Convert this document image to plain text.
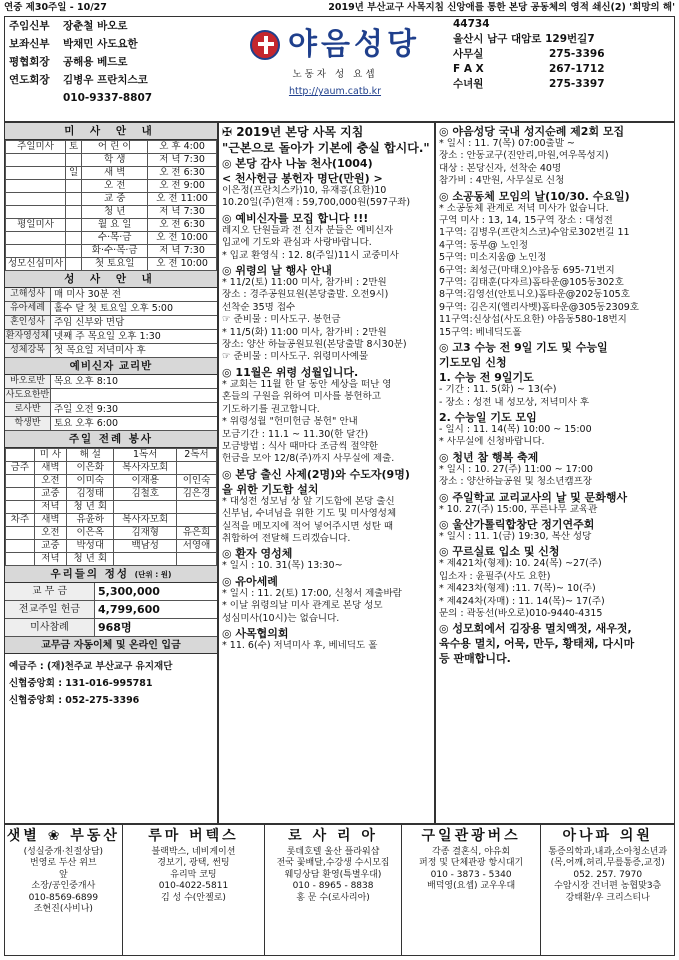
연중 제30주일 - 10/27	2019년 부산교구 사목지침 신앙애를 통한 본당 공동체의 영적 쇄신(2) '희망의 해'
주임신부	장춘철 바오로
보좌신부	박채민 사도요한
평협회장	공해용 베드로
연도회장	김병우 프란치스코
010-9337-8807
야음성당
노동자 성 요셉
http://yaum.catb.kr
44734
울산시 남구 대암로 129번길7
사무실	275-3396
F A X	267-1712
수녀원	275-3397
미 사 안 내
주일미사	토	어 린 이	오 후 4:00
		학 생	저 녁 7:30
	일	새 벽	오 전 6:30
		오 전	오 전 9:00
		교 중	오 전 11:00
		청 년	저 녁 7:30
평일미사		월 요 일	오 전 6:30
		수·목·금	오 전 10:00
		화·수·목·금	저 녁 7:30
성모신심미사		첫 토요일	오 전 10:00
성 사 안 내
고해성사 매 미사 30분 전
유아세례 홀수 달 첫 토요일 오후 5:00
혼인성사 주임 신부와 면담
환자영성체 넷째 주 목요일 오후 1:30
성체강복 첫 목요일 저녁미사 후
예비신자 교리반
바오로반 목요 오후 8:10
사도요한반
로사반	주일 오전 9:30
학생반	토요 오후 6:00
주일 전례 봉사
	미 사	해 설	1독서	2독서
금주	새벽	이은화	복사자모회	
	오전	이미숙	이재용	이인숙
	교중	김정태	김철호	김은경
	저녁	청 년 회		
차주	새벽	유윤하	복사자모회	
	오전	이은옥	김재형	유은희
	교중	박성대	백남성	서영애
	저녁	청 년 회		
우리들의 정성 (단위 : 원)
교 무 금	5,300,000
전교주일 헌금	4,799,600
미사참례	968명
교무금 자동이체 및 온라인 입금
예금주 : (재)천주교 부산교구 유지재단
신협중앙회 : 131-016-995781
신협중앙회 : 052-275-3396
✠ 2019년 본당 사목 지침
"근본으로 돌아가 기본에 충실 합시다."
◎ 본당 감사 나눔 천사(1004)
< 천사헌금 봉헌자 명단(만원) >
이은정(프란치스카)10, 유재흥(요한)10
10.20일(주)현재 : 59,700,000원(597구좌)
◎ 예비신자를 모집 합니다 !!!
레지오 단원들과 전 신자 분들은 예비신자
입교에 기도와 관심과 사랑바랍니다.
* 입교 환영식 : 12. 8(주일)11시 교중미사
◎ 위령의 날 행사 안내
* 11/2(토) 11:00 미사, 참가비 : 2만원
장소 : 경주공원묘원(본당출발. 오전9시)
선착순 35명 접수
☞ 준비물 : 미사도구. 봉헌금
* 11/5(화) 11:00 미사, 참가비 : 2만원
장소: 양산 하늘공원묘원(본당출발 8시30분)
☞ 준비물 : 미사도구. 위령미사예물
◎ 11월은 위령 성월입니다.
* 교회는 11월 한 달 동안 세상을 떠난 영
혼들의 구원을 위하여 미사를 봉헌하고
기도하기를 권고합니다.
* 위령성월 "헌미헌금 봉헌" 안내
모금기간 : 11.1 ~ 11.30(한 달간)
모금방법 : 식사 때마다 조금씩 절약한
헌금을 모아 12/8(주)까지 사무실에 제출.
◎ 본당 출신 사제(2명)와 수도자(9명)
을 위한 기도함 설치
* 대성전 성모님 상 앞 기도함에 본당 출신
신부님, 수녀님을 위한 기도 및 미사영성체
실적을 메모지에 적어 넣어주시면 성탄 때
취합하여 전달해 드리겠습니다.
◎ 환자 영성체
* 일시 : 10. 31(목) 13:30~
◎ 유아세례
* 일시 : 11. 2(토) 17:00, 신청서 제출바람
* 이날 위령의날 미사 관계로 본당 성모
성심미사(10시)는 없습니다.
◎ 사목협의회
* 11. 6(수) 저녁미사 후, 베네딕도 홀
◎ 야음성당 국내 성지순례 제2회 모집
* 일시 : 11. 7(목) 07:00출발 ~
장소 : 안동교구(진안리,마원,여우목성지)
대상 : 본당신자, 선착순 40명
참가비 : 4만원, 사무실로 신청
◎ 소공동체 모임의 날(10/30. 수요일)
* 소공동체 관계로 저녁 미사가 없습니다.
구역 미사 : 13, 14, 15구역 장소 : 대성전
1구역: 김병우(프란치스코)수암로302번길 11
4구역: 동부@ 노인정
5구역: 미소지움@ 노인정
6구역: 최성근(마태오)야음동 695-71번지
7구역: 김태훈(다자르)홈타운@105동302호
8구역:김영선(안토니오)홈타운@202동105호
9구역: 김은지(엘리사벳)홈타운@305동2309호
11구역:신상섭(사도요한) 야음동580-18번지
15구역: 베네딕도홀
◎ 고3 수능 전 9일 기도 및 수능일
기도모임 신청
1. 수능 전 9일기도
- 기간 : 11. 5(화) ~ 13(수)
- 장소 : 성전 내 성모상, 저녁미사 후
2. 수능일 기도 모임
- 일시 : 11. 14(목) 10:00 ~ 15:00
* 사무실에 신청바랍니다.
◎ 청년 참 행복 축제
* 일시 : 10. 27(주) 11:00 ~ 17:00
장소 : 양산하늘공원 및 청소년캠프장
◎ 주일학교 교리교사의 날 및 문화행사
* 10. 27(주) 15:00, 푸른나무 교육관
◎ 울산가톨릭합창단 정기연주회
* 일시 : 11. 1(금) 19:30, 복산 성당
◎ 꾸르실료 입소 및 신청
* 제421차(형제): 10. 24(목) ~27(주)
입소자 : 윤필주(사도 요한)
* 제423차(형제) :11. 7(목)~ 10(주)
* 제424차(자매) : 11. 14(목)~ 17(주)
문의 : 곽동선(바오로)010-9440-4315
◎ 성모회에서 김장용 멸치액젓, 새우젓,
육수용 멸치, 어묵, 만두, 황태채, 다시마
등 판매합니다.
샛별 ❀ 부동산
(성실중개·친절상담)
번영로 두산 위브
앞
소장/공인중개사
010-8569-6899
조현진(사비나)
루마 버텍스
블랙박스, 네비게이션
경보기, 광택, 썬팅
유리막 코팅
010-4022-5811
김 성 수(안젤로)
로 사 리 아
롯데호텔 울산 플라워샵
전국 꽃배달,수강생 수시모집
웨딩상담 환영(특별우대)
010 - 8965 - 8838
홍 문 수(로사리아)
구일관광버스
각종 결혼식, 야유회
퍼정 및 단체관광 항시대기
010 - 3873 - 5340
배덕영(요셉) 교우우대
아나파 의원
통증의학과,내과,소아청소년과
(목,어깨,허리,무릎통증,교정)
052. 257. 7970
수암시장 건너편 농협맞3층
강태환/우 크리스티나
